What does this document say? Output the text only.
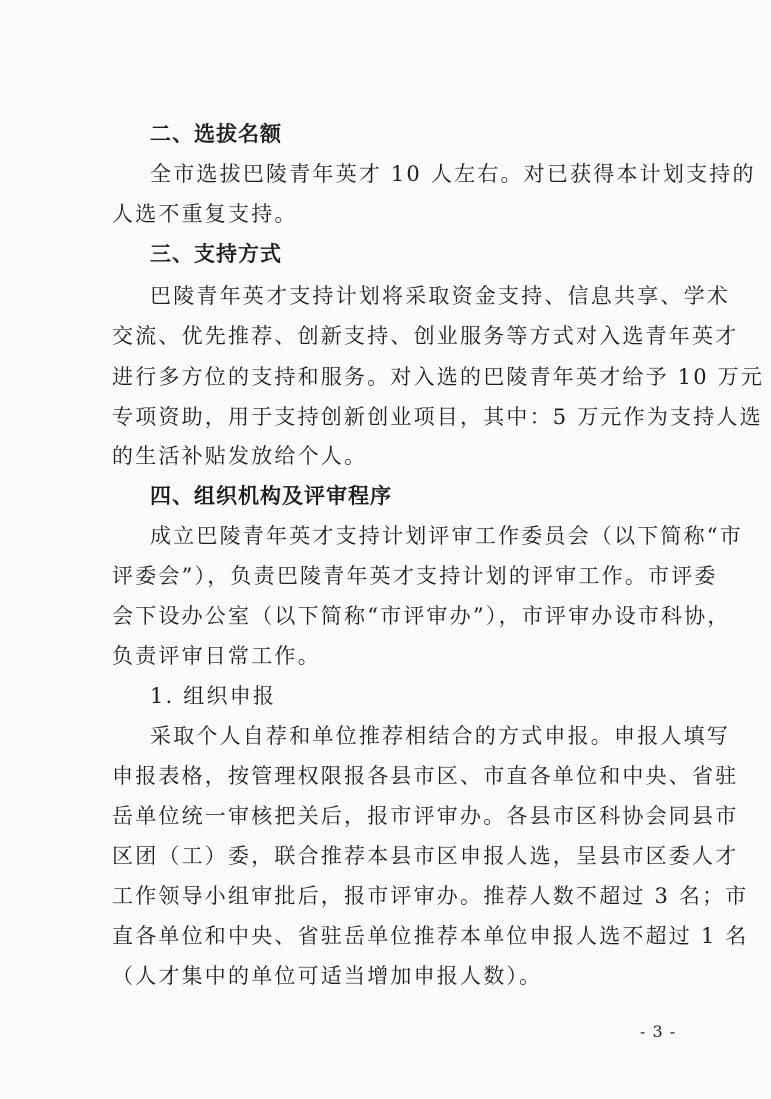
二、选拔名额
全市选拔巴陵青年英才 10 人左右。对已获得本计划支持的
人选不重复支持。
三、支持方式
巴陵青年英才支持计划将采取资金支持、信息共享、学术
交流、优先推荐、创新支持、创业服务等方式对入选青年英才
进行多方位的支持和服务。对入选的巴陵青年英才给予 10 万元
专项资助，用于支持创新创业项目，其中：5 万元作为支持人选
的生活补贴发放给个人。
四、组织机构及评审程序
成立巴陵青年英才支持计划评审工作委员会（以下简称“市
评委会”），负责巴陵青年英才支持计划的评审工作。市评委
会下设办公室（以下简称“市评审办”），市评审办设市科协，
负责评审日常工作。
1. 组织申报
采取个人自荐和单位推荐相结合的方式申报。申报人填写
申报表格，按管理权限报各县市区、市直各单位和中央、省驻
岳单位统一审核把关后，报市评审办。各县市区科协会同县市
区团（工）委，联合推荐本县市区申报人选，呈县市区委人才
工作领导小组审批后，报市评审办。推荐人数不超过 3 名；市
直各单位和中央、省驻岳单位推荐本单位申报人选不超过 1 名
（人才集中的单位可适当增加申报人数）。
- 3 -
